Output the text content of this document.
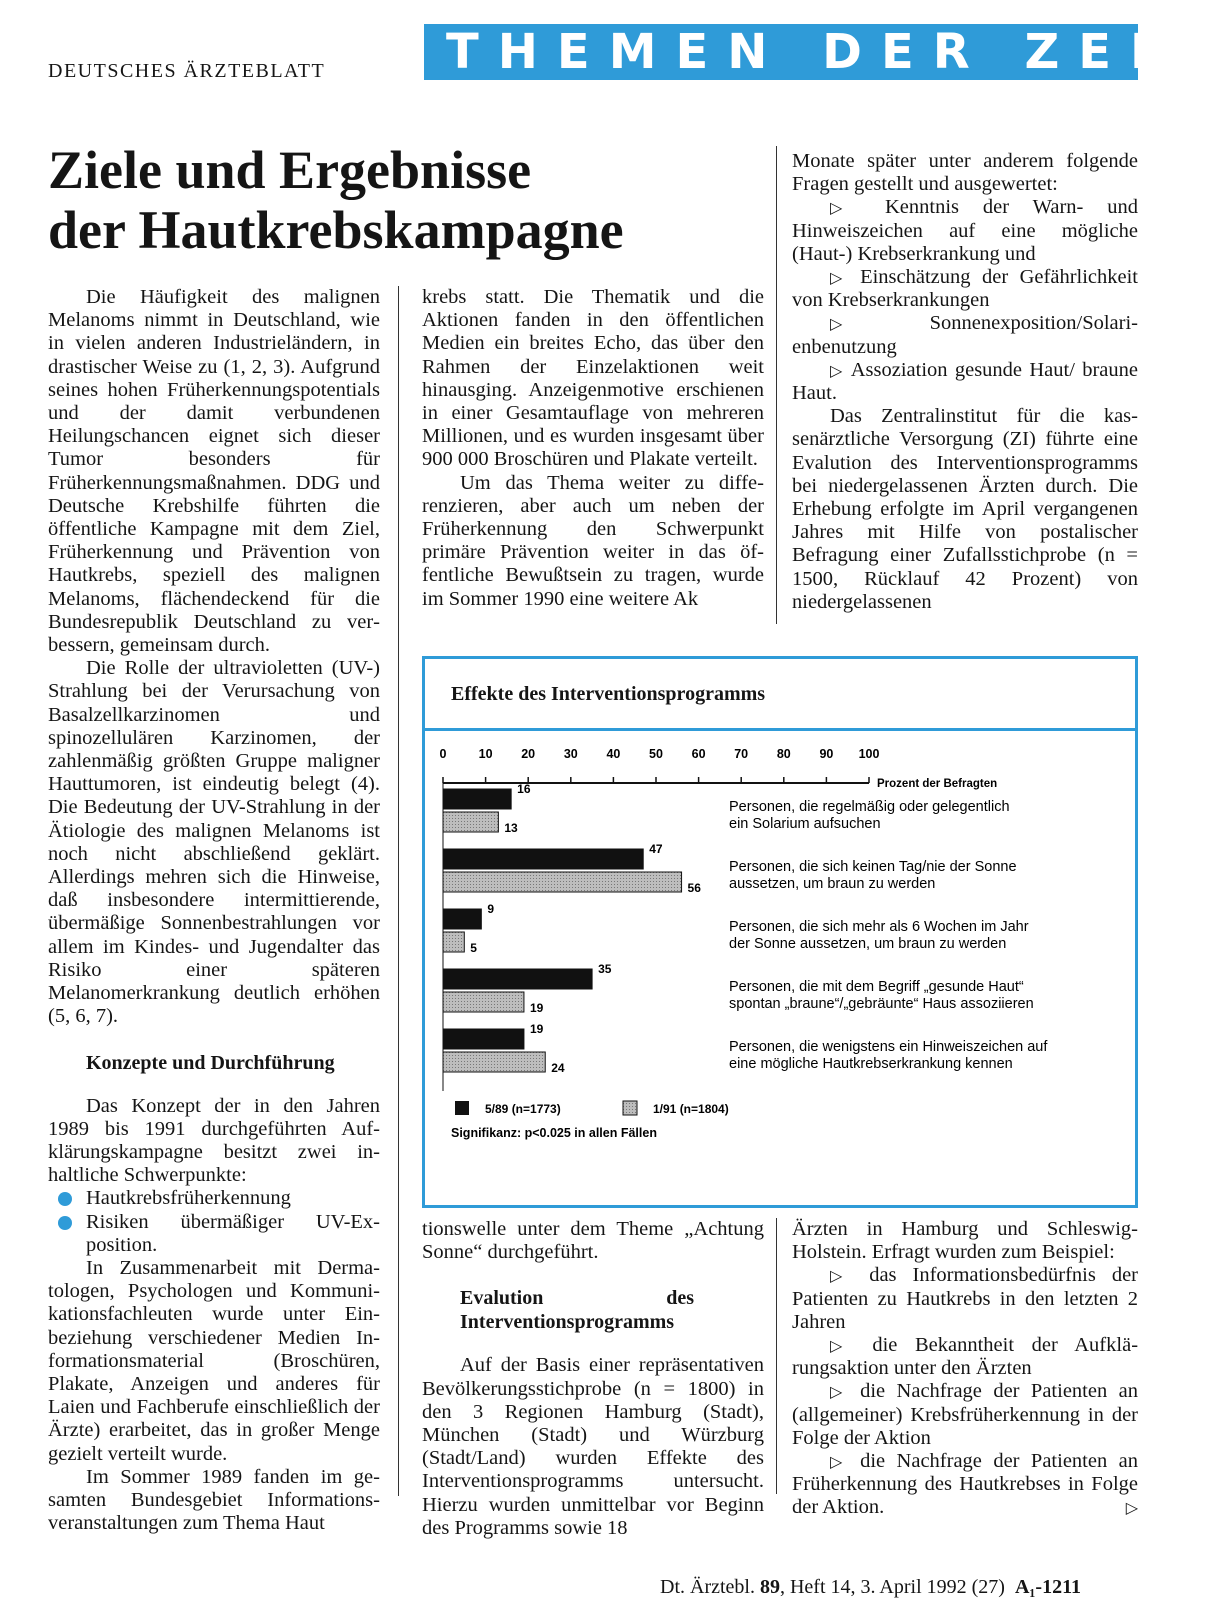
DEUTSCHES ÄRZTEBLATT	THEMEN DER ZEIT
Ziele und Ergebnisse
der Hautkrebskampagne

Die Häufigkeit des malignen Melanoms nimmt in Deutschland, wie in vielen anderen Industrieländern, in drastischer Weise zu (1, 2, 3). Aufgrund seines hohen Früherkennungspotentials und der damit verbundenen Heilungschancen eignet sich dieser Tumor besonders für Früherkennungsmaßnahmen. DDG und Deutsche Krebshilfe führten die öffentliche Kampagne mit dem Ziel, Früherkennung und Prävention von Hautkrebs, speziell des malignen Melanoms, flächendeckend für die Bundesrepublik Deutschland zu verbessern, gemeinsam durch.

Die Rolle der ultravioletten (UV-) Strahlung bei der Verursachung von Basalzellkarzinomen und spinozellulären Karzinomen, der zahlenmäßig größten Gruppe maligner Hauttumoren, ist eindeutig belegt (4). Die Bedeutung der UV-Strahlung in der Ätiologie des malignen Melanoms ist noch nicht abschließend geklärt. Allerdings mehren sich die Hinweise, daß insbesondere intermittierende, übermäßige Sonnenbestrahlungen vor allem im Kindes- und Jugendalter das Risiko einer späteren Melanomerkrankung deutlich erhöhen (5, 6, 7).

Konzepte und Durchführung

Das Konzept der in den Jahren 1989 bis 1991 durchgeführten Aufklärungskampagne besitzt zwei inhaltliche Schwerpunkte:

Hautkrebsfrüherkennung
Risiken übermäßiger UV-Exposition.

In Zusammenarbeit mit Dermatologen, Psychologen und Kommunikationsfachleuten wurde unter Einbeziehung verschiedener Medien Informationsmaterial (Broschüren, Plakate, Anzeigen und anderes für Laien und Fachberufe einschließlich der Ärzte) erarbeitet, das in großer Menge gezielt verteilt wurde.

Im Sommer 1989 fanden im gesamten Bundesgebiet Informationsveranstaltungen zum Thema Haut

krebs statt. Die Thematik und die Aktionen fanden in den öffentlichen Medien ein breites Echo, das über den Rahmen der Einzelaktionen weit hinausging. Anzeigenmotive erschienen in einer Gesamtauflage von mehreren Millionen, und es wurden insgesamt über 900 000 Broschüren und Plakate verteilt.

Um das Thema weiter zu differenzieren, aber auch um neben der Früherkennung den Schwerpunkt primäre Prävention weiter in das öffentliche Bewußtsein zu tragen, wurde im Sommer 1990 eine weitere Ak

Monate später unter anderem folgende Fragen gestellt und ausgewertet:

▷ Kenntnis der Warn- und Hinweiszeichen auf eine mögliche (Haut-) Krebserkrankung und

▷ Einschätzung der Gefährlichkeit von Krebserkrankungen

▷ Sonnenexposition/Solarienbenutzung

▷ Assoziation gesunde Haut/ braune Haut.

Das Zentralinstitut für die kassenärztliche Versorgung (ZI) führte eine Evalution des Interventionsprogramms bei niedergelassenen Ärzten durch. Die Erhebung erfolgte im April vergangenen Jahres mit Hilfe von postalischer Befragung einer Zufallsstichprobe (n = 1500, Rücklauf 42 Prozent) von niedergelassenen

Effekte des Interventionsprogramms
0	10 20 30 40 50 60 70 80 90 100
Prozent der Befragten
16
13
Personen, die regelmäßig oder gelegentlich
ein Solarium aufsuchen
47
56
Personen, die sich keinen Tag/nie der Sonne
aussetzen, um braun zu werden
9
5
Personen, die sich mehr als 6 Wochen im Jahr
der Sonne aussetzen, um braun zu werden
35
19
Personen, die mit dem Begriff „gesunde Haut“
spontan „braune“/„gebräunte“ Haus assoziieren
19
24
Personen, die wenigstens ein Hinweiszeichen auf
eine mögliche Hautkrebserkrankung kennen
5/89 (n=1773)	1/91 (n=1804)
Signifikanz: p<0.025 in allen Fällen

tionswelle unter dem Theme „Achtung Sonne“ durchgeführt.

Evalution des Interventionsprogramms

Auf der Basis einer repräsentativen Bevölkerungsstichprobe (n = 1800) in den 3 Regionen Hamburg (Stadt), München (Stadt) und Würzburg (Stadt/Land) wurden Effekte des Interventionsprogramms untersucht. Hierzu wurden unmittelbar vor Beginn des Programms sowie 18

Ärzten in Hamburg und Schleswig-Holstein. Erfragt wurden zum Beispiel:

▷ das Informationsbedürfnis der Patienten zu Hautkrebs in den letzten 2 Jahren

▷ die Bekanntheit der Aufklärungsaktion unter den Ärzten

▷ die Nachfrage der Patienten an (allgemeiner) Krebsfrüherkennung in der Folge der Aktion

▷ die Nachfrage der Patienten an Früherkennung des Hautkrebses in Folge der Aktion.	▷

Dt. Ärztebl. 89, Heft 14, 3. April 1992 (27) A₁-1211
